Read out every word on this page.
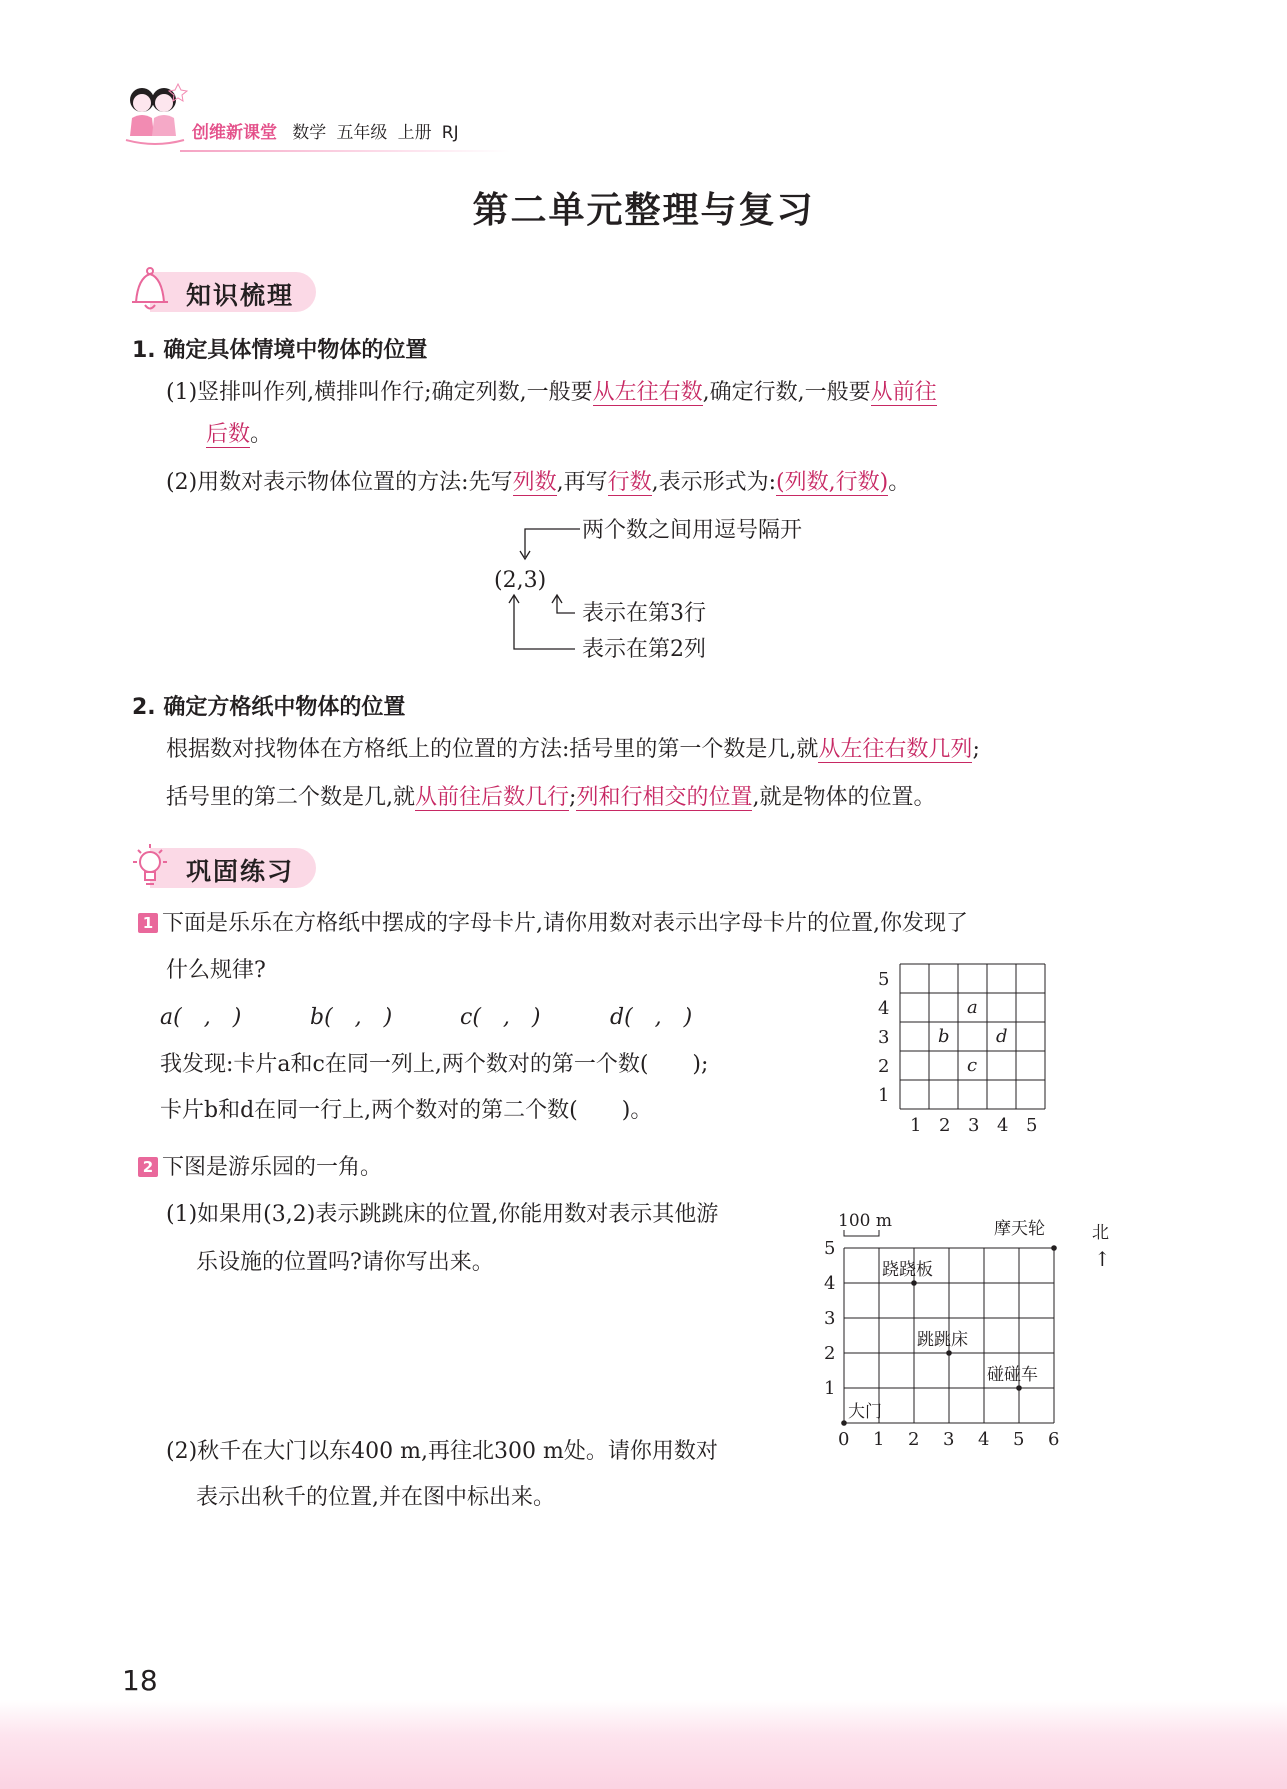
创维新课堂 数学 五年级 上册 RJ
第二单元整理与复习
知识梳理
1. 确定具体情境中物体的位置
(1)竖排叫作列,横排叫作行;确定列数,一般要从左往右数,确定行数,一般要从前往
后数。
(2)用数对表示物体位置的方法:先写列数,再写行数,表示形式为:(列数,行数)。
(2,3)
两个数之间用逗号隔开
表示在第3行
表示在第2列
2. 确定方格纸中物体的位置
根据数对找物体在方格纸上的位置的方法:括号里的第一个数是几,就从左往右数几列;
括号里的第二个数是几,就从前往后数几行;列和行相交的位置,就是物体的位置。
巩固练习
1 下面是乐乐在方格纸中摆成的字母卡片,请你用数对表示出字母卡片的位置,你发现了
什么规律?
a(　,　)	b(　,　)	c(　,　)	d(　,　)
我发现:卡片a和c在同一列上,两个数对的第一个数(　　);
卡片b和d在同一行上,两个数对的第二个数(　　)。
1 2 3 4 5
1
2
3
4
5
a
b
c
d
2 下图是游乐园的一角。
(1)如果用(3,2)表示跳跳床的位置,你能用数对表示其他游
乐设施的位置吗?请你写出来。
(2)秋千在大门以东400 m,再往北300 m处。请你用数对
表示出秋千的位置,并在图中标出来。
100 m
北
↑
0 1 2 3 4 5 6
1
2
3
4
5
摩天轮
跷跷板
跳跳床
碰碰车
大门
18
